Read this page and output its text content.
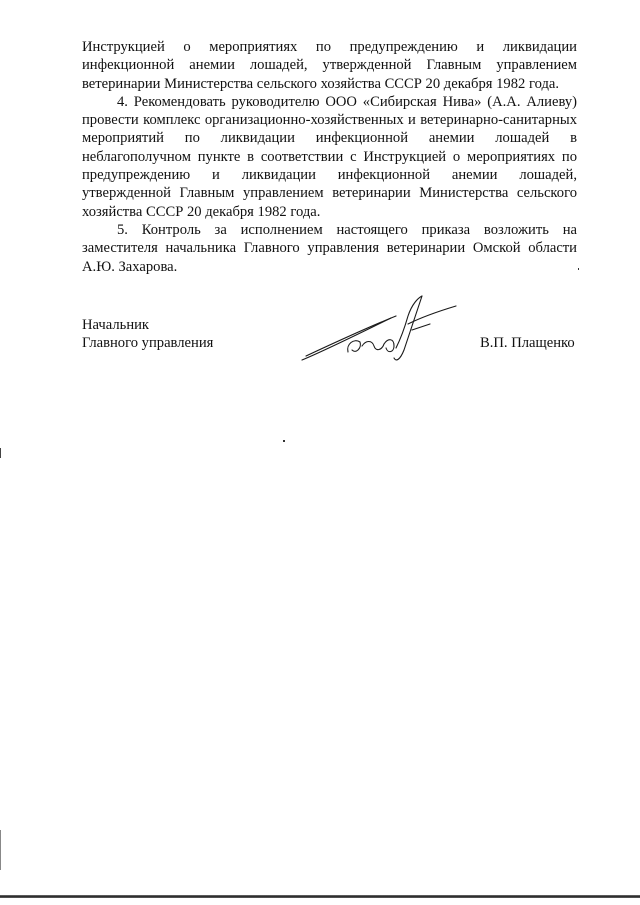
Инструкцией о мероприятиях по предупреждению и ликвидации инфекционной анемии лошадей, утвержденной Главным управлением ветеринарии Министерства сельского хозяйства СССР 20 декабря 1982 года.

4. Рекомендовать руководителю ООО «Сибирская Нива» (А.А. Алиеву) провести комплекс организационно-хозяйственных и ветеринарно-санитарных мероприятий по ликвидации инфекционной анемии лошадей в неблагополучном пункте в соответствии с Инструкцией о мероприятиях по предупреждению и ликвидации инфекционной анемии лошадей, утвержденной Главным управлением ветеринарии Министерства сельского хозяйства СССР 20 декабря 1982 года.

5. Контроль за исполнением настоящего приказа возложить на заместителя начальника Главного управления ветеринарии Омской области А.Ю. Захарова.

Начальник
Главного управления	В.П. Плащенко
